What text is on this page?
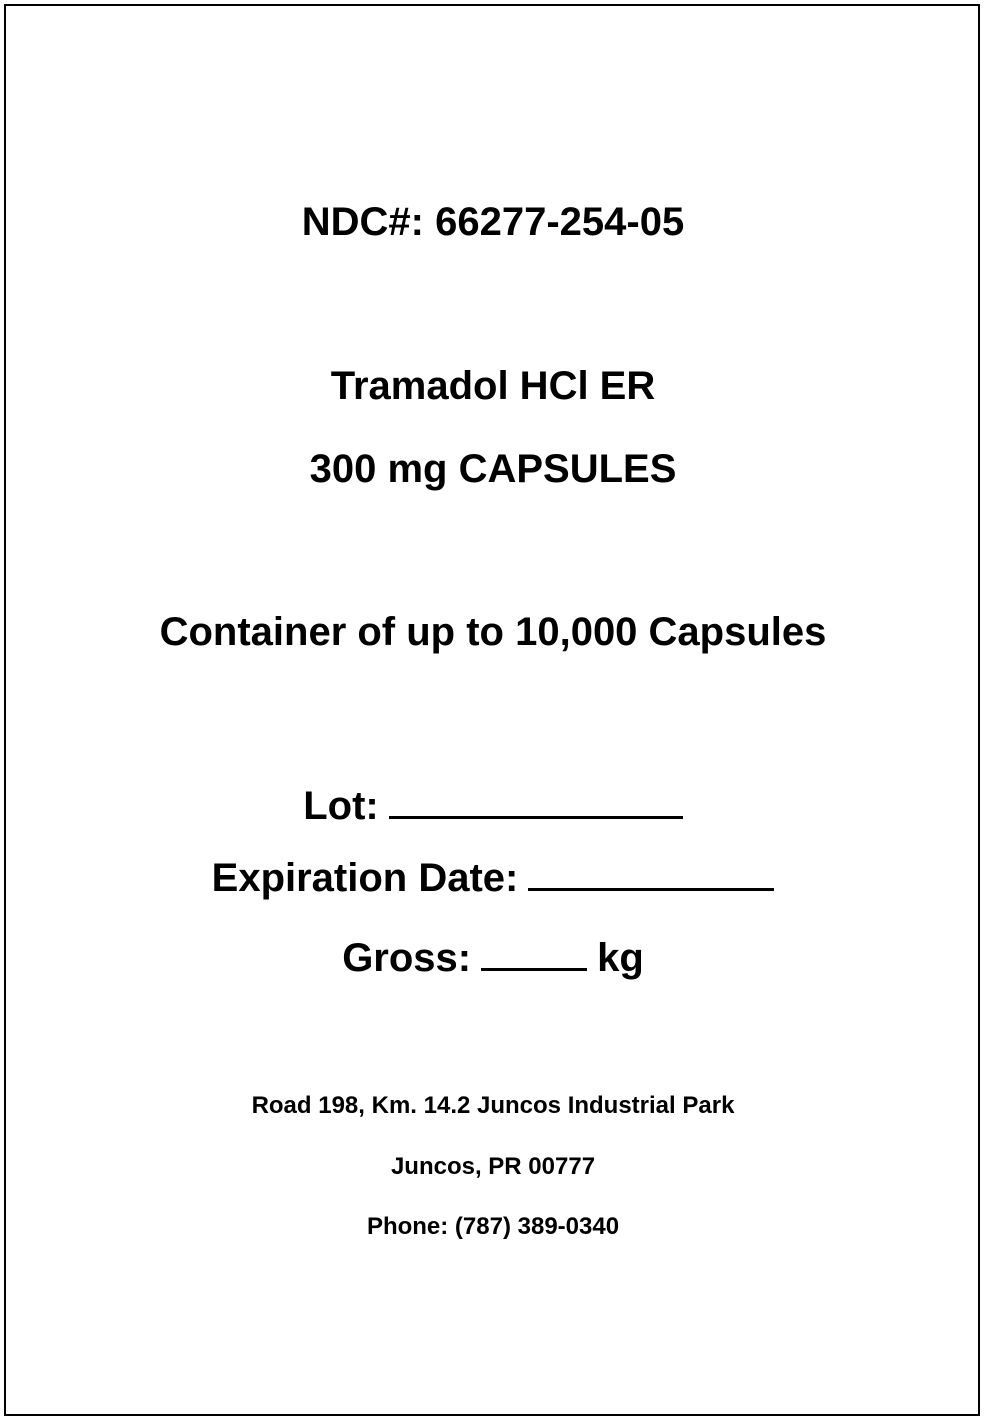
NDC#: 66277-254-05
Tramadol HCl ER
300 mg CAPSULES
Container of up to 10,000 Capsules
Lot:
Expiration Date:
Gross:	kg
Road 198, Km. 14.2 Juncos Industrial Park
Juncos, PR 00777
Phone: (787) 389-0340
